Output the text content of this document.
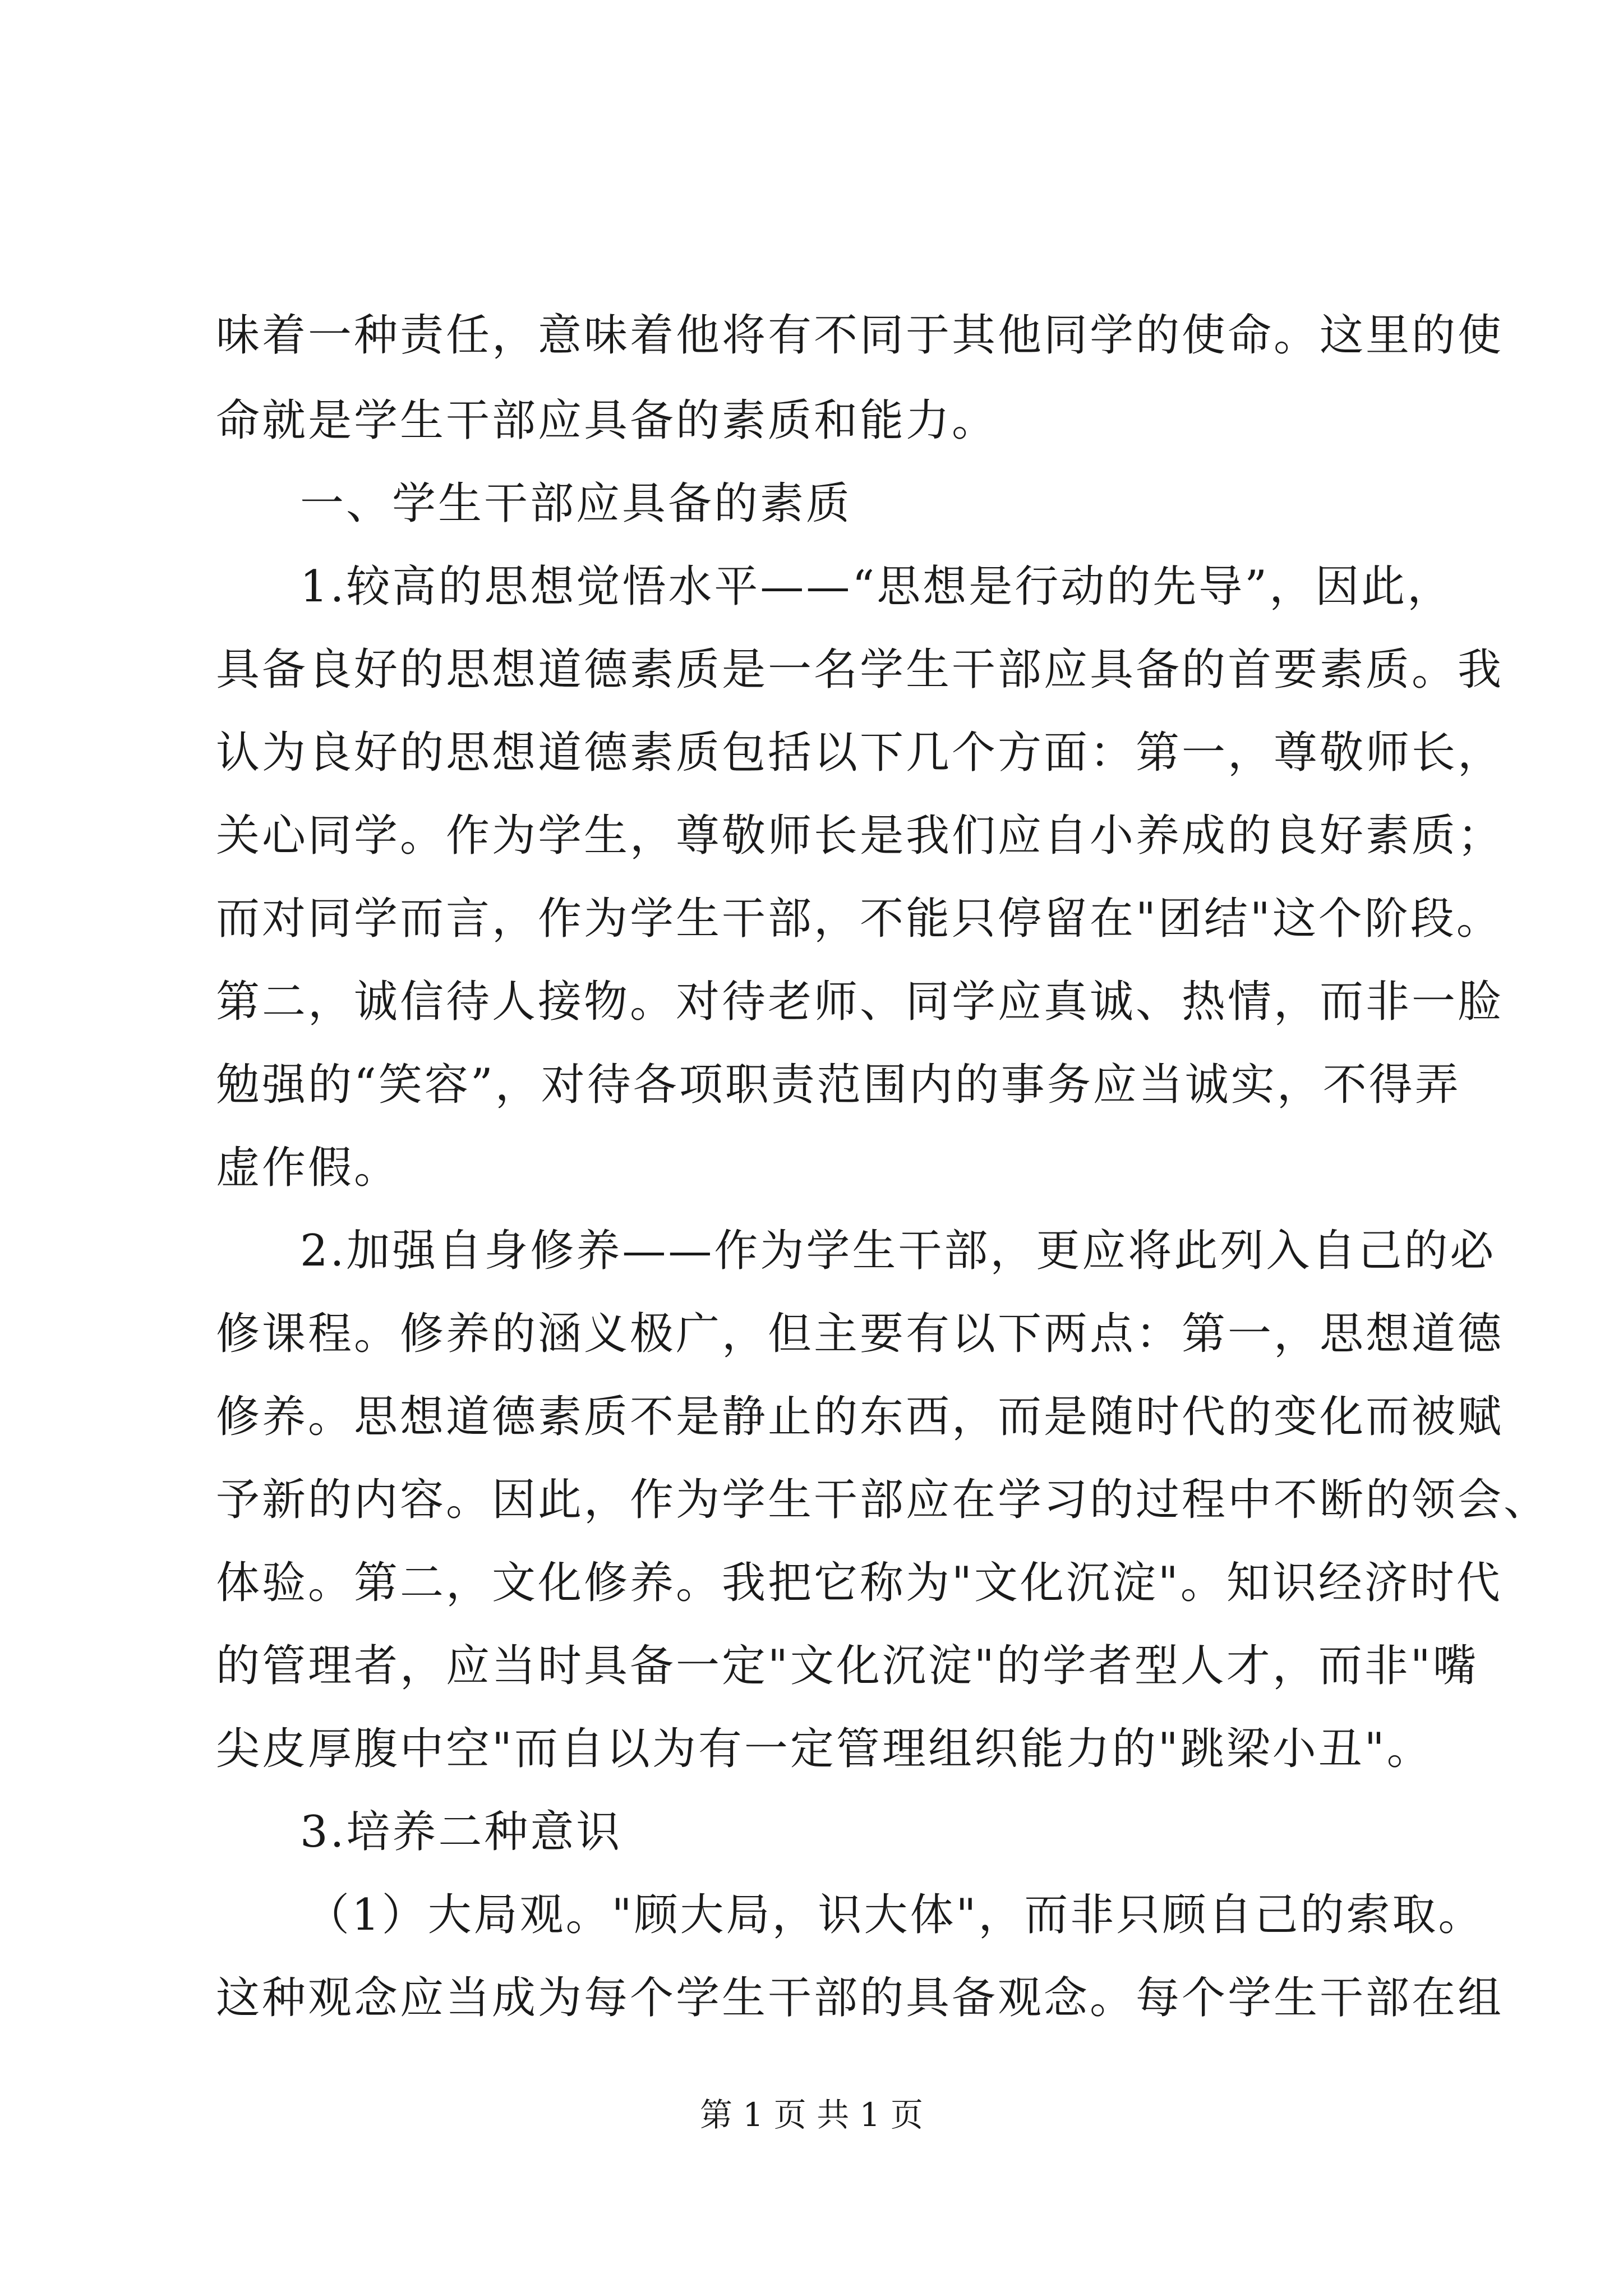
味着一种责任，意味着他将有不同于其他同学的使命。这里的使
命就是学生干部应具备的素质和能力。
一、学生干部应具备的素质
1.较高的思想觉悟水平——“思想是行动的先导”，因此，
具备良好的思想道德素质是一名学生干部应具备的首要素质。我
认为良好的思想道德素质包括以下几个方面：第一，尊敬师长，
关心同学。作为学生，尊敬师长是我们应自小养成的良好素质；
而对同学而言，作为学生干部，不能只停留在"团结"这个阶段。
第二，诚信待人接物。对待老师、同学应真诚、热情，而非一脸
勉强的“笑容”，对待各项职责范围内的事务应当诚实，不得弄
虚作假。
2.加强自身修养——作为学生干部，更应将此列入自己的必
修课程。修养的涵义极广，但主要有以下两点：第一，思想道德
修养。思想道德素质不是静止的东西，而是随时代的变化而被赋
予新的内容。因此，作为学生干部应在学习的过程中不断的领会、
体验。第二，文化修养。我把它称为"文化沉淀"。知识经济时代
的管理者，应当时具备一定"文化沉淀"的学者型人才，而非"嘴
尖皮厚腹中空"而自以为有一定管理组织能力的"跳梁小丑"。
3.培养二种意识
（1）大局观。"顾大局，识大体"，而非只顾自己的索取。
这种观念应当成为每个学生干部的具备观念。每个学生干部在组
第 1 页 共 1 页
